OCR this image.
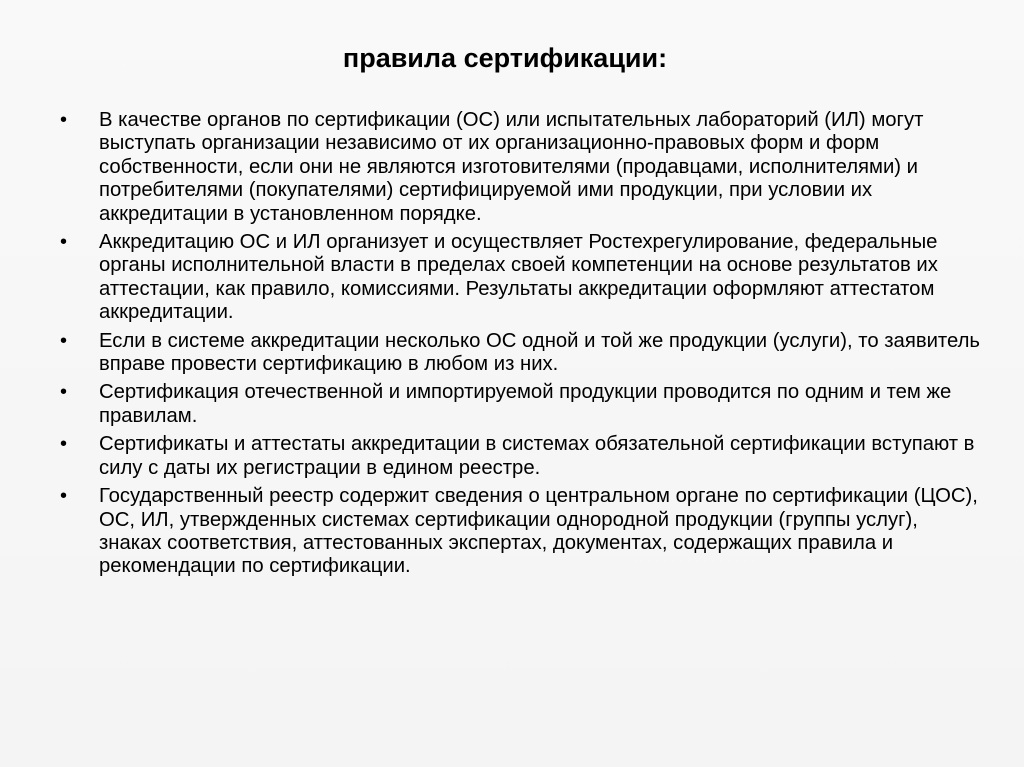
правила сертификации:
•	В качестве органов по сертификации (ОС) или испытательных лабораторий (ИЛ) могут выступать организации независимо от их организационно-правовых форм и форм собственности, если они не являются изготовителями (продавцами, исполнителями) и потребителями (покупателями) сертифицируемой ими продукции, при условии их аккредитации в установленном порядке.
•	Аккредитацию ОС и ИЛ организует и осуществляет Ростехрегулирование, федеральные органы исполнительной власти в пределах своей компетенции на основе результатов их аттестации, как правило, комиссиями. Результаты аккредитации оформляют аттестатом аккредитации.
•	Если в системе аккредитации несколько ОС одной и той же продукции (услуги), то заявитель вправе провести сертификацию в любом из них.
•	Сертификация отечественной и импортируемой продукции проводится по одним и тем же правилам.
•	Сертификаты и аттестаты аккредитации в системах обязательной сертификации вступают в силу с даты их регистрации в едином реестре.
•	Государственный реестр содержит сведения о центральном органе по сертификации (ЦОС), ОС, ИЛ, утвержденных системах сертификации однородной продукции (группы услуг), знаках соответствия, аттестованных экспертах, документах, содержащих правила и рекомендации по сертификации.
